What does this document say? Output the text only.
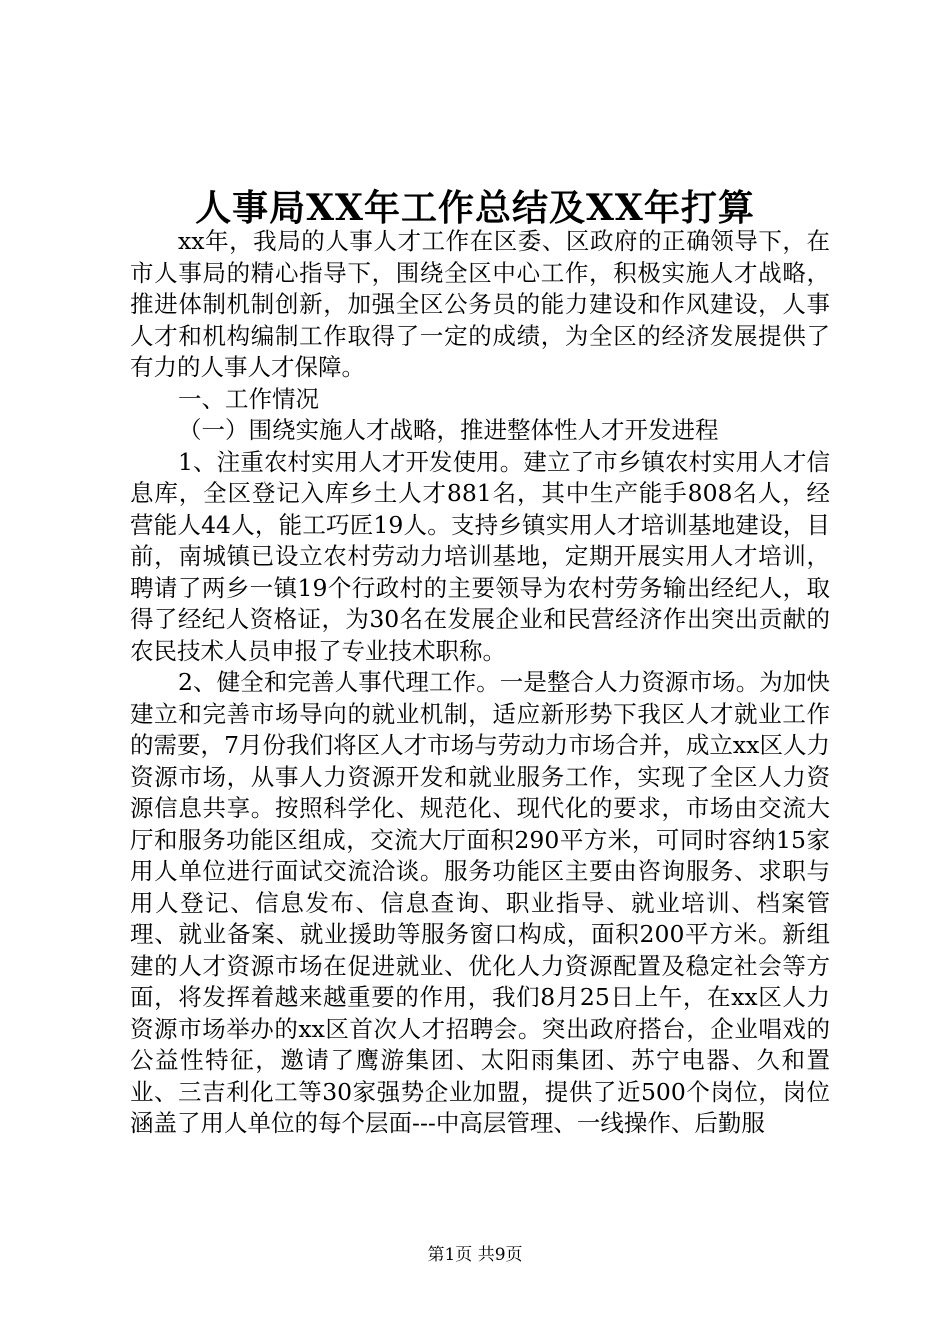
人事局XX年工作总结及XX年打算

xx年，我局的人事人才工作在区委、区政府的正确领导下，在市人事局的精心指导下，围绕全区中心工作，积极实施人才战略，推进体制机制创新，加强全区公务员的能力建设和作风建设，人事人才和机构编制工作取得了一定的成绩，为全区的经济发展提供了有力的人事人才保障。

一、工作情况

（一）围绕实施人才战略，推进整体性人才开发进程

1、注重农村实用人才开发使用。建立了市乡镇农村实用人才信息库，全区登记入库乡土人才881名，其中生产能手808名人，经营能人44人，能工巧匠19人。支持乡镇实用人才培训基地建设，目前，南城镇已设立农村劳动力培训基地，定期开展实用人才培训，聘请了两乡一镇19个行政村的主要领导为农村劳务输出经纪人，取得了经纪人资格证，为30名在发展企业和民营经济作出突出贡献的农民技术人员申报了专业技术职称。

2、健全和完善人事代理工作。一是整合人力资源市场。为加快建立和完善市场导向的就业机制，适应新形势下我区人才就业工作的需要，7月份我们将区人才市场与劳动力市场合并，成立xx区人力资源市场，从事人力资源开发和就业服务工作，实现了全区人力资源信息共享。按照科学化、规范化、现代化的要求，市场由交流大厅和服务功能区组成，交流大厅面积290平方米，可同时容纳15家用人单位进行面试交流洽谈。服务功能区主要由咨询服务、求职与用人登记、信息发布、信息查询、职业指导、就业培训、档案管理、就业备案、就业援助等服务窗口构成，面积200平方米。新组建的人才资源市场在促进就业、优化人力资源配置及稳定社会等方面，将发挥着越来越重要的作用，我们8月25日上午，在xx区人力资源市场举办的xx区首次人才招聘会。突出政府搭台，企业唱戏的公益性特征，邀请了鹰游集团、太阳雨集团、苏宁电器、久和置业、三吉利化工等30家强势企业加盟，提供了近500个岗位，岗位涵盖了用人单位的每个层面---中高层管理、一线操作、后勤服

第1页 共9页
